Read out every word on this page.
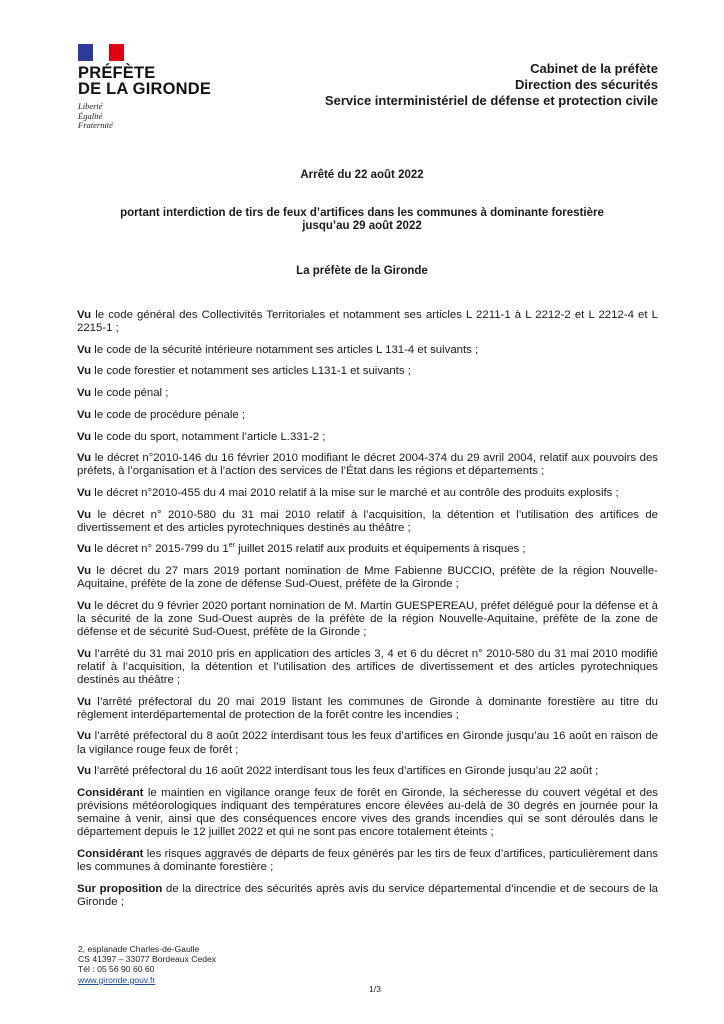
PRÉFÈTE
DE LA GIRONDE
Liberté
Égalité
Fraternité
Cabinet de la préfète
Direction des sécurités
Service interministériel de défense et protection civile
Arrêté du 22 août 2022
portant interdiction de tirs de feux d’artifices dans les communes à dominante forestière
jusqu’au 29 août 2022
La préfète de la Gironde

Vu le code général des Collectivités Territoriales et notamment ses articles L 2211-1 à L 2212-2 et L 2212-4 et L 2215-1 ;

Vu le code de la sécurité intérieure notamment ses articles L 131-4 et suivants ;

Vu le code forestier et notamment ses articles L131-1 et suivants ;

Vu le code pénal ;

Vu le code de procédure pénale ;

Vu le code du sport, notamment l’article L.331-2 ;

Vu le décret n°2010-146 du 16 février 2010 modifiant le décret 2004-374 du 29 avril 2004, relatif aux pouvoirs des préfets, à l’organisation et à l’action des services de l’État dans les régions et départements ;

Vu le décret n°2010-455 du 4 mai 2010 relatif à la mise sur le marché et au contrôle des produits explosifs ;

Vu le décret n° 2010-580 du 31 mai 2010 relatif à l’acquisition, la détention et l’utilisation des artifices de divertissement et des articles pyrotechniques destinés au théâtre ;

Vu le décret n° 2015-799 du 1er juillet 2015 relatif aux produits et équipements à risques ;

Vu le décret du 27 mars 2019 portant nomination de Mme Fabienne BUCCIO, préfète de la région Nouvelle-Aquitaine, préfète de la zone de défense Sud-Ouest, préfète de la Gironde ;

Vu le décret du 9 février 2020 portant nomination de M. Martin GUESPEREAU, préfet délégué pour la défense et à la sécurité de la zone Sud-Ouest auprès de la préfète de la région Nouvelle-Aquitaine, préfète de la zone de défense et de sécurité Sud-Ouest, préfète de la Gironde ;

Vu l’arrêté du 31 mai 2010 pris en application des articles 3, 4 et 6 du décret n° 2010-580 du 31 mai 2010 modifié relatif à l’acquisition, la détention et l’utilisation des artifices de divertissement et des articles pyrotechniques destinés au théâtre ;

Vu l’arrêté préfectoral du 20 mai 2019 listant les communes de Gironde à dominante forestière au titre du règlement interdépartemental de protection de la forêt contre les incendies ;

Vu l’arrêté préfectoral du 8 août 2022 interdisant tous les feux d’artifices en Gironde jusqu’au 16 août en raison de la vigilance rouge feux de forêt ;

Vu l’arrêté préfectoral du 16 août 2022 interdisant tous les feux d’artifices en Gironde jusqu’au 22 août ;

Considérant le maintien en vigilance orange feux de forêt en Gironde, la sécheresse du couvert végétal et des prévisions météorologiques indiquant des températures encore élevées au-delà de 30 degrés en journée pour la semaine à venir, ainsi que des conséquences encore vives des grands incendies qui se sont déroulés dans le département depuis le 12 juillet 2022 et qui ne sont pas encore totalement éteints ;

Considérant les risques aggravés de départs de feux générés par les tirs de feux d’artifices, particulièrement dans les communes à dominante forestière ;

Sur proposition de la directrice des sécurités après avis du service départemental d’incendie et de secours de la Gironde ;

2, esplanade Charles-de-Gaulle
CS 41397 – 33077 Bordeaux Cedex
Tél : 05 56 90 60 60
www.gironde.gouv.fr
1/3
